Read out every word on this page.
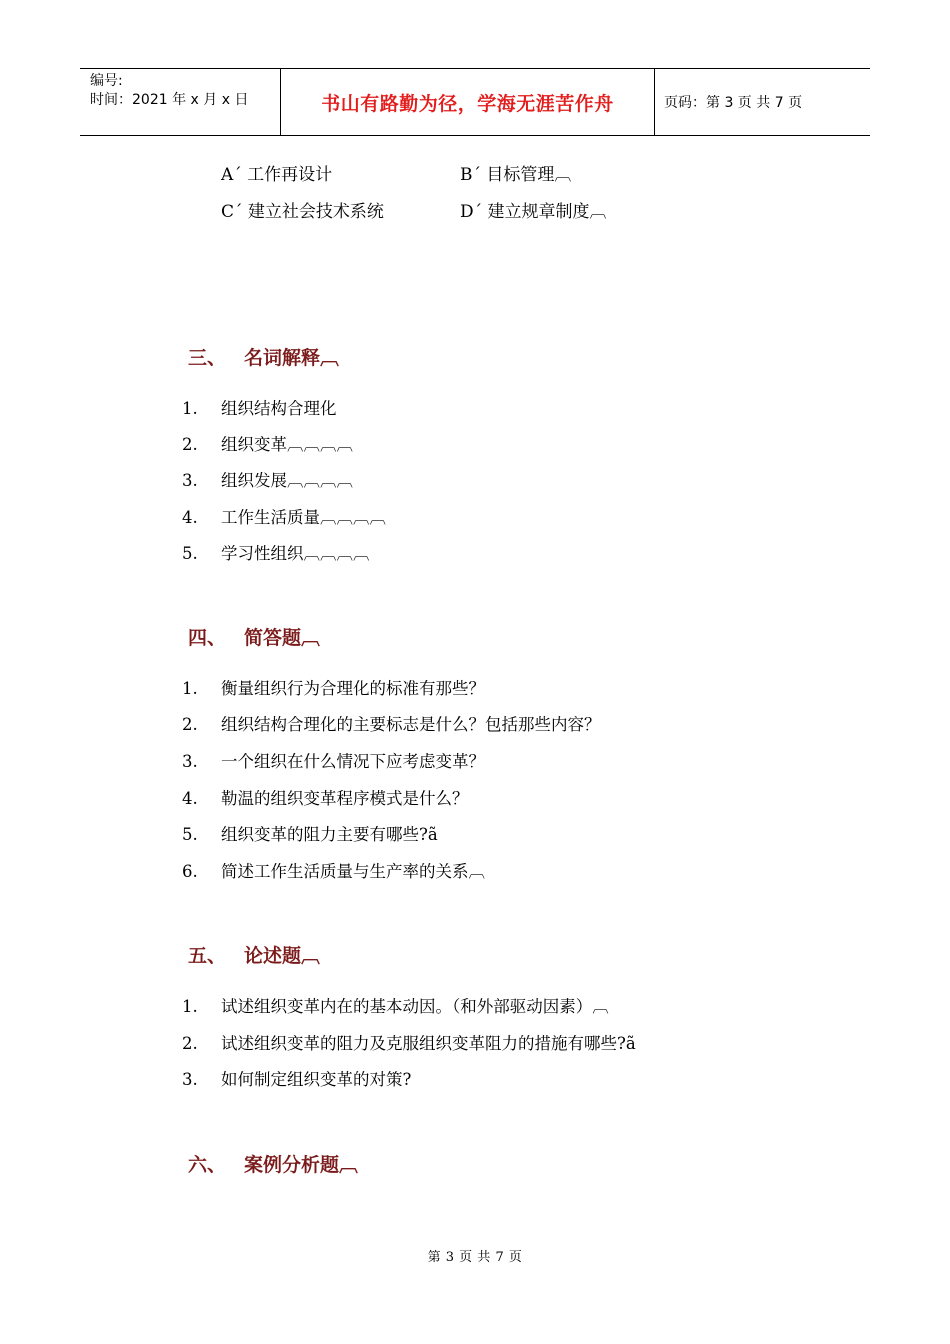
编号:
时间：2021 年 x 月 x 日	书山有路勤为径，学海无涯苦作舟	页码：第 3 页 共 7 页
Aˊ 工作再设计	Bˊ 目标管理︹
Cˊ 建立社会技术系统	Dˊ 建立规章制度︹
三、 名词解释︹
1. 组织结构合理化
2. 组织变革︹︹︹︹
3. 组织发展︹︹︹︹
4. 工作生活质量︹︹︹︹
5. 学习性组织︹︹︹︹
四、 简答题︹
1. 衡量组织行为合理化的标准有那些？
2. 组织结构合理化的主要标志是什么？包括那些内容？
3. 一个组织在什么情况下应考虑变革？
4. 勒温的组织变革程序模式是什么？
5. 组织变革的阻力主要有哪些?ã
6. 简述工作生活质量与生产率的关系︹
五、 论述题︹
1. 试述组织变革内在的基本动因。（和外部驱动因素）︹
2. 试述组织变革的阻力及克服组织变革阻力的措施有哪些?ã
3. 如何制定组织变革的对策?
六、 案例分析题︹
第 3 页 共 7 页
